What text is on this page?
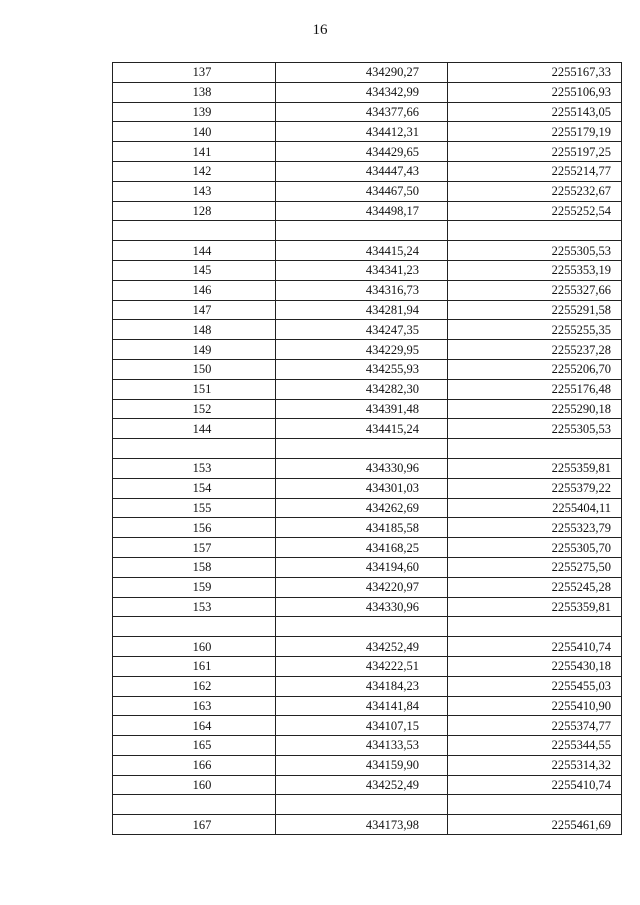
16
137	434290,27	2255167,33
138	434342,99	2255106,93
139	434377,66	2255143,05
140	434412,31	2255179,19
141	434429,65	2255197,25
142	434447,43	2255214,77
143	434467,50	2255232,67
128	434498,17	2255252,54

144	434415,24	2255305,53
145	434341,23	2255353,19
146	434316,73	2255327,66
147	434281,94	2255291,58
148	434247,35	2255255,35
149	434229,95	2255237,28
150	434255,93	2255206,70
151	434282,30	2255176,48
152	434391,48	2255290,18
144	434415,24	2255305,53

153	434330,96	2255359,81
154	434301,03	2255379,22
155	434262,69	2255404,11
156	434185,58	2255323,79
157	434168,25	2255305,70
158	434194,60	2255275,50
159	434220,97	2255245,28
153	434330,96	2255359,81

160	434252,49	2255410,74
161	434222,51	2255430,18
162	434184,23	2255455,03
163	434141,84	2255410,90
164	434107,15	2255374,77
165	434133,53	2255344,55
166	434159,90	2255314,32
160	434252,49	2255410,74

167	434173,98	2255461,69
